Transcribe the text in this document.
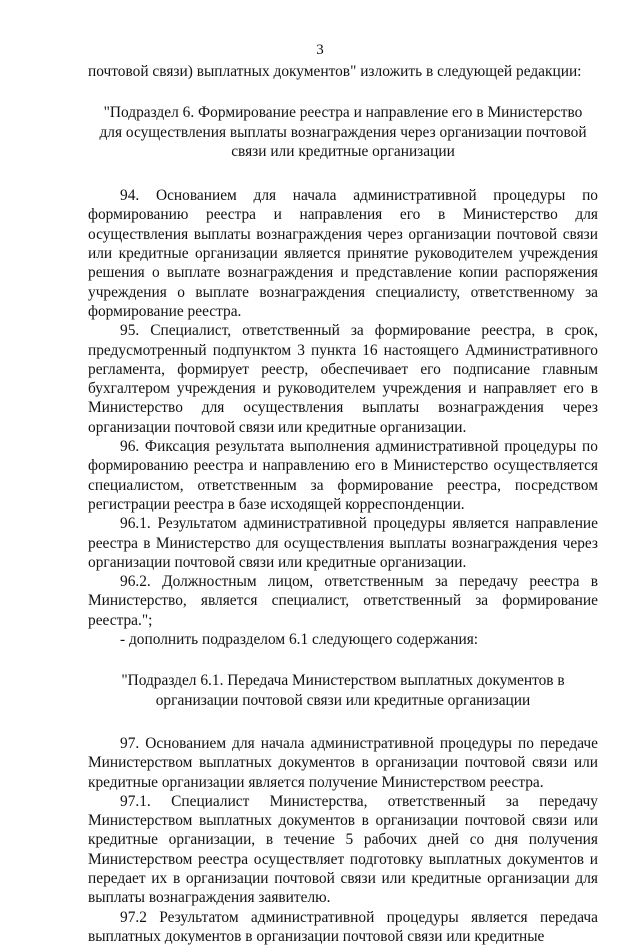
3

почтовой связи) выплатных документов" изложить в следующей редакции:

"Подраздел 6. Формирование реестра и направление его в Министерство для осуществления выплаты вознаграждения через организации почтовой связи или кредитные организации

94. Основанием для начала административной процедуры по формированию реестра и направления его в Министерство для осуществления выплаты вознаграждения через организации почтовой связи или кредитные организации является принятие руководителем учреждения решения о выплате вознаграждения и представление копии распоряжения учреждения о выплате вознаграждения специалисту, ответственному за формирование реестра.

95. Специалист, ответственный за формирование реестра, в срок, предусмотренный подпунктом 3 пункта 16 настоящего Административного регламента, формирует реестр, обеспечивает его подписание главным бухгалтером учреждения и руководителем учреждения и направляет его в Министерство для осуществления выплаты вознаграждения через организации почтовой связи или кредитные организации.

96. Фиксация результата выполнения административной процедуры по формированию реестра и направлению его в Министерство осуществляется специалистом, ответственным за формирование реестра, посредством регистрации реестра в базе исходящей корреспонденции.

96.1. Результатом административной процедуры является направление реестра в Министерство для осуществления выплаты вознаграждения через организации почтовой связи или кредитные организации.

96.2. Должностным лицом, ответственным за передачу реестра в Министерство, является специалист, ответственный за формирование реестра.";

- дополнить подразделом 6.1 следующего содержания:

"Подраздел 6.1. Передача Министерством выплатных документов в организации почтовой связи или кредитные организации

97. Основанием для начала административной процедуры по передаче Министерством выплатных документов в организации почтовой связи или кредитные организации является получение Министерством реестра.

97.1. Специалист Министерства, ответственный за передачу Министерством выплатных документов в организации почтовой связи или кредитные организации, в течение 5 рабочих дней со дня получения Министерством реестра осуществляет подготовку выплатных документов и передает их в организации почтовой связи или кредитные организации для выплаты вознаграждения заявителю.

97.2 Результатом административной процедуры является передача выплатных документов в организации почтовой связи или кредитные
